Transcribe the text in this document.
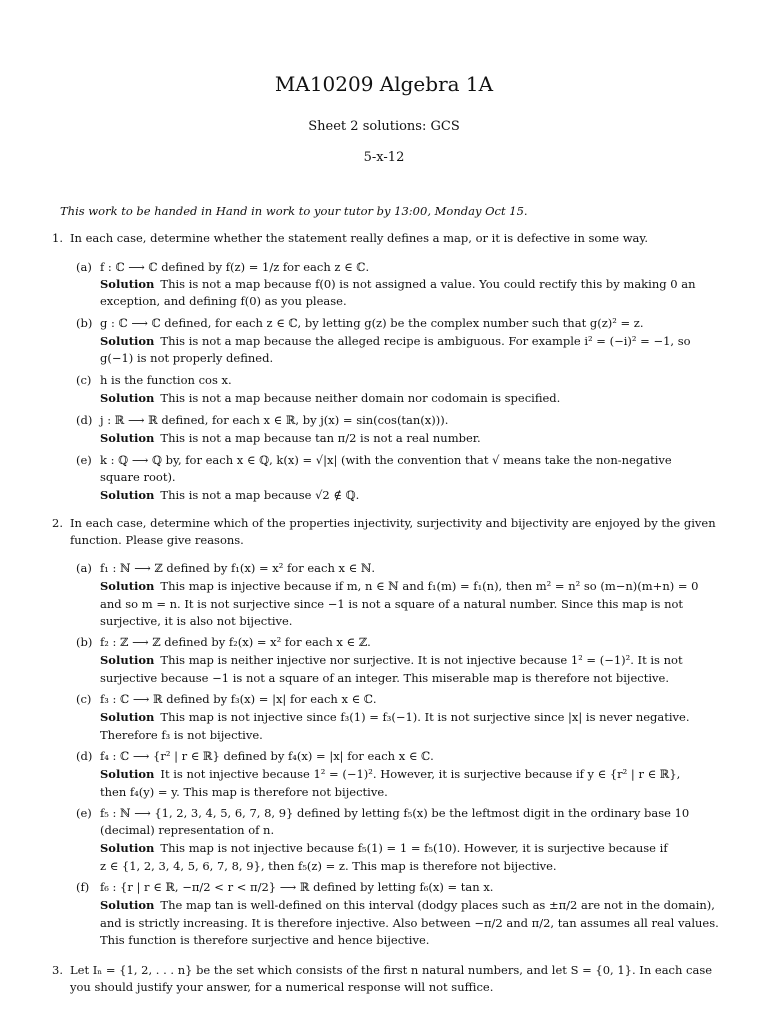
MA10209 Algebra 1A
Sheet 2 solutions: GCS
5-x-12
This work to be handed in Hand in work to your tutor by 13:00, Monday Oct 15.
1. In each case, determine whether the statement really defines a map, or it is defective in some way.
(a) f : ℂ ⟶ ℂ defined by f(z) = 1/z for each z ∈ ℂ.
Solution This is not a map because f(0) is not assigned a value. You could rectify this by making 0 an
exception, and defining f(0) as you please.
(b) g : ℂ ⟶ ℂ defined, for each z ∈ ℂ, by letting g(z) be the complex number such that g(z)² = z.
Solution This is not a map because the alleged recipe is ambiguous. For example i² = (−i)² = −1, so
g(−1) is not properly defined.
(c) h is the function cos x.
Solution This is not a map because neither domain nor codomain is specified.
(d) j : ℝ ⟶ ℝ defined, for each x ∈ ℝ, by j(x) = sin(cos(tan(x))).
Solution This is not a map because tan π/2 is not a real number.
(e) k : ℚ ⟶ ℚ by, for each x ∈ ℚ, k(x) = √|x| (with the convention that √ means take the non-negative
square root).
Solution This is not a map because √2 ∉ ℚ.
2. In each case, determine which of the properties injectivity, surjectivity and bijectivity are enjoyed by the given
function. Please give reasons.
(a) f₁ : ℕ ⟶ ℤ defined by f₁(x) = x² for each x ∈ ℕ.
Solution This map is injective because if m, n ∈ ℕ and f₁(m) = f₁(n), then m² = n² so (m−n)(m+n) = 0
and so m = n. It is not surjective since −1 is not a square of a natural number. Since this map is not
surjective, it is also not bijective.
(b) f₂ : ℤ ⟶ ℤ defined by f₂(x) = x² for each x ∈ ℤ.
Solution This map is neither injective nor surjective. It is not injective because 1² = (−1)². It is not
surjective because −1 is not a square of an integer. This miserable map is therefore not bijective.
(c) f₃ : ℂ ⟶ ℝ defined by f₃(x) = |x| for each x ∈ ℂ.
Solution This map is not injective since f₃(1) = f₃(−1). It is not surjective since |x| is never negative.
Therefore f₃ is not bijective.
(d) f₄ : ℂ ⟶ {r² | r ∈ ℝ} defined by f₄(x) = |x| for each x ∈ ℂ.
Solution It is not injective because 1² = (−1)². However, it is surjective because if y ∈ {r² | r ∈ ℝ},
then f₄(y) = y. This map is therefore not bijective.
(e) f₅ : ℕ ⟶ {1, 2, 3, 4, 5, 6, 7, 8, 9} defined by letting f₅(x) be the leftmost digit in the ordinary base 10
(decimal) representation of n.
Solution This map is not injective because f₅(1) = 1 = f₅(10). However, it is surjective because if
z ∈ {1, 2, 3, 4, 5, 6, 7, 8, 9}, then f₅(z) = z. This map is therefore not bijective.
(f) f₆ : {r | r ∈ ℝ, −π/2 < r < π/2} ⟶ ℝ defined by letting f₆(x) = tan x.
Solution The map tan is well-defined on this interval (dodgy places such as ±π/2 are not in the domain),
and is strictly increasing. It is therefore injective. Also between −π/2 and π/2, tan assumes all real values.
This function is therefore surjective and hence bijective.
3. Let Iₙ = {1, 2, . . . n} be the set which consists of the first n natural numbers, and let S = {0, 1}. In each case
you should justify your answer, for a numerical response will not suffice.
